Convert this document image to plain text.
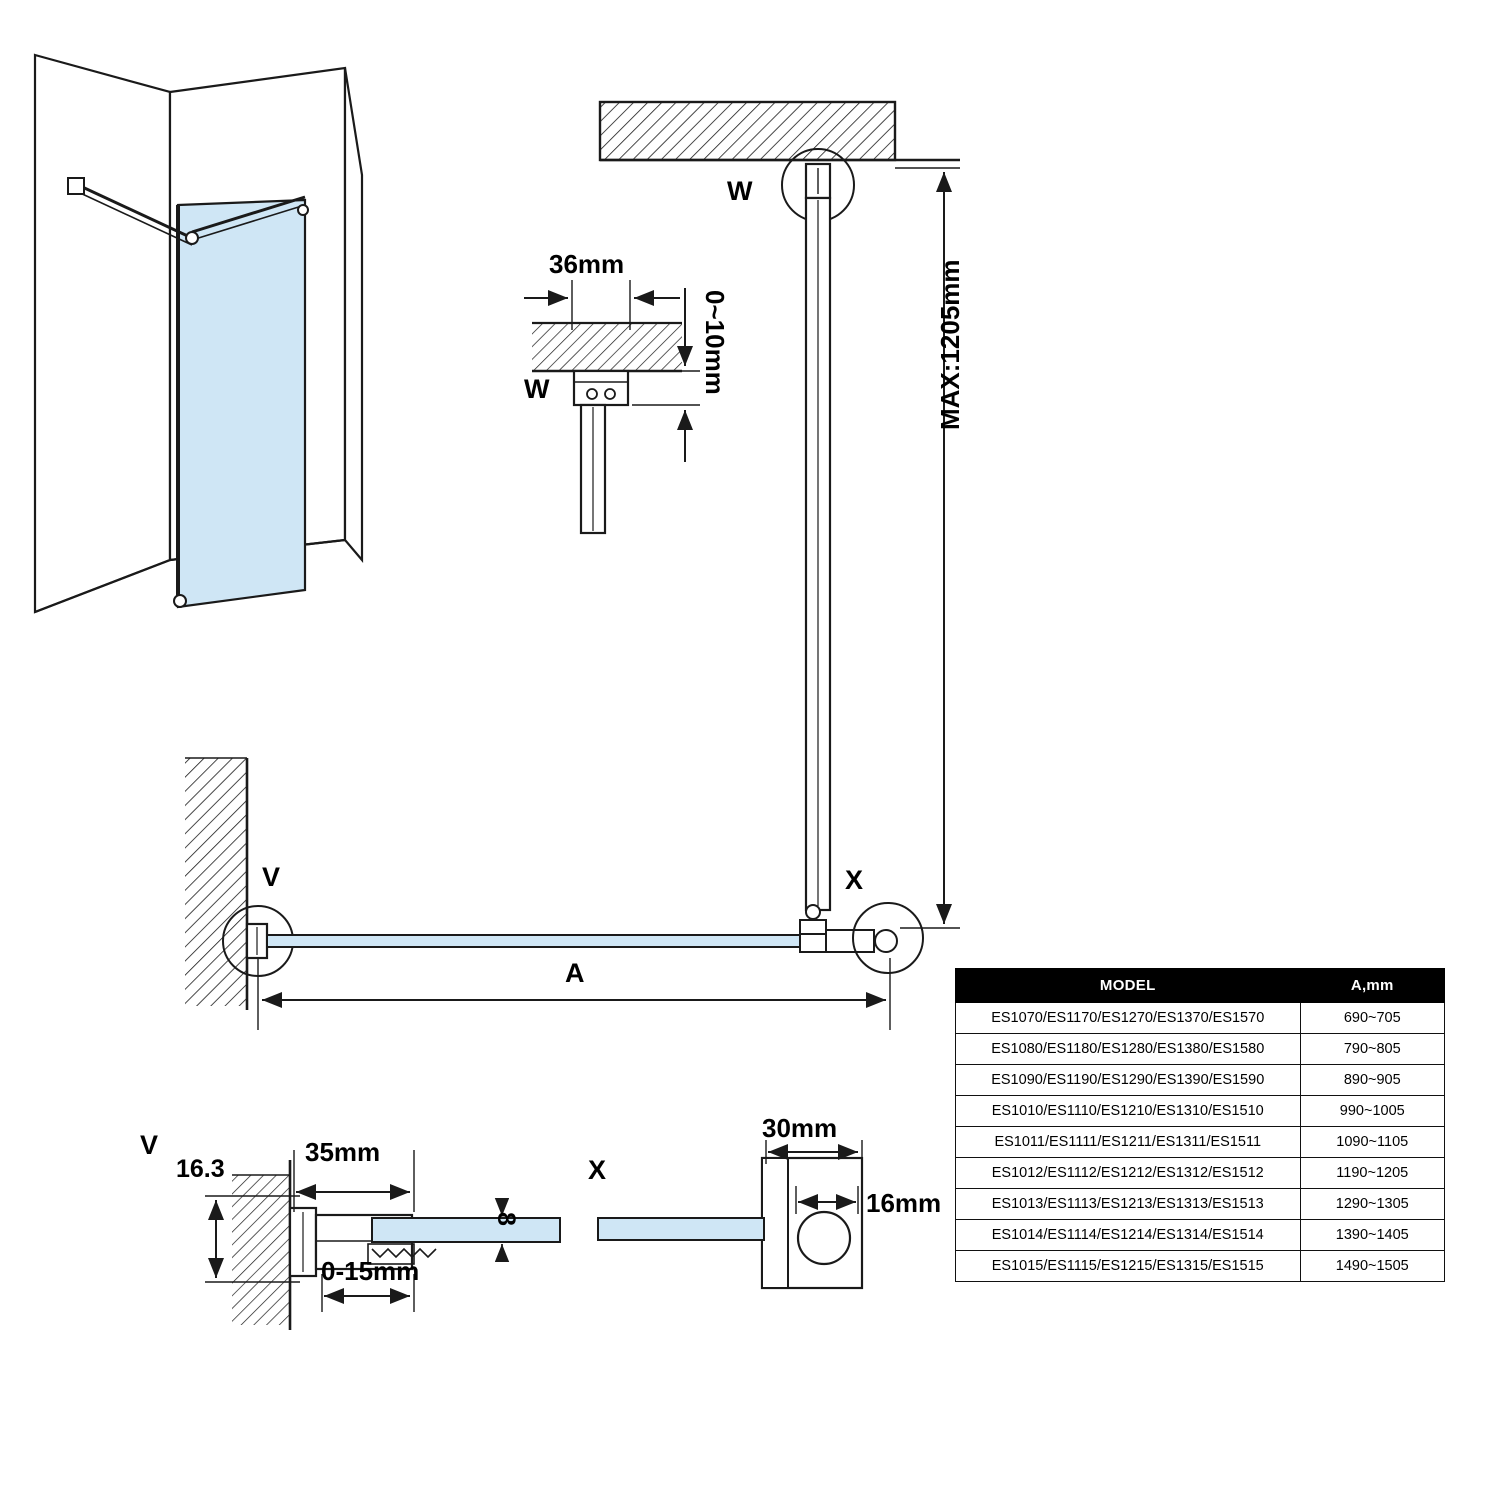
W
W
36mm
0~10mm	MAX:1205mm
V	X
A
V
16.3
35mm
8
0-15mm
X
30mm
16mm
MODEL	A,mm
ES1070/ES1170/ES1270/ES1370/ES1570	690~705
ES1080/ES1180/ES1280/ES1380/ES1580	790~805
ES1090/ES1190/ES1290/ES1390/ES1590	890~905
ES1010/ES1110/ES1210/ES1310/ES1510	990~1005
ES1011/ES1111/ES1211/ES1311/ES1511	1090~1105
ES1012/ES1112/ES1212/ES1312/ES1512	1190~1205
ES1013/ES1113/ES1213/ES1313/ES1513	1290~1305
ES1014/ES1114/ES1214/ES1314/ES1514	1390~1405
ES1015/ES1115/ES1215/ES1315/ES1515	1490~1505
